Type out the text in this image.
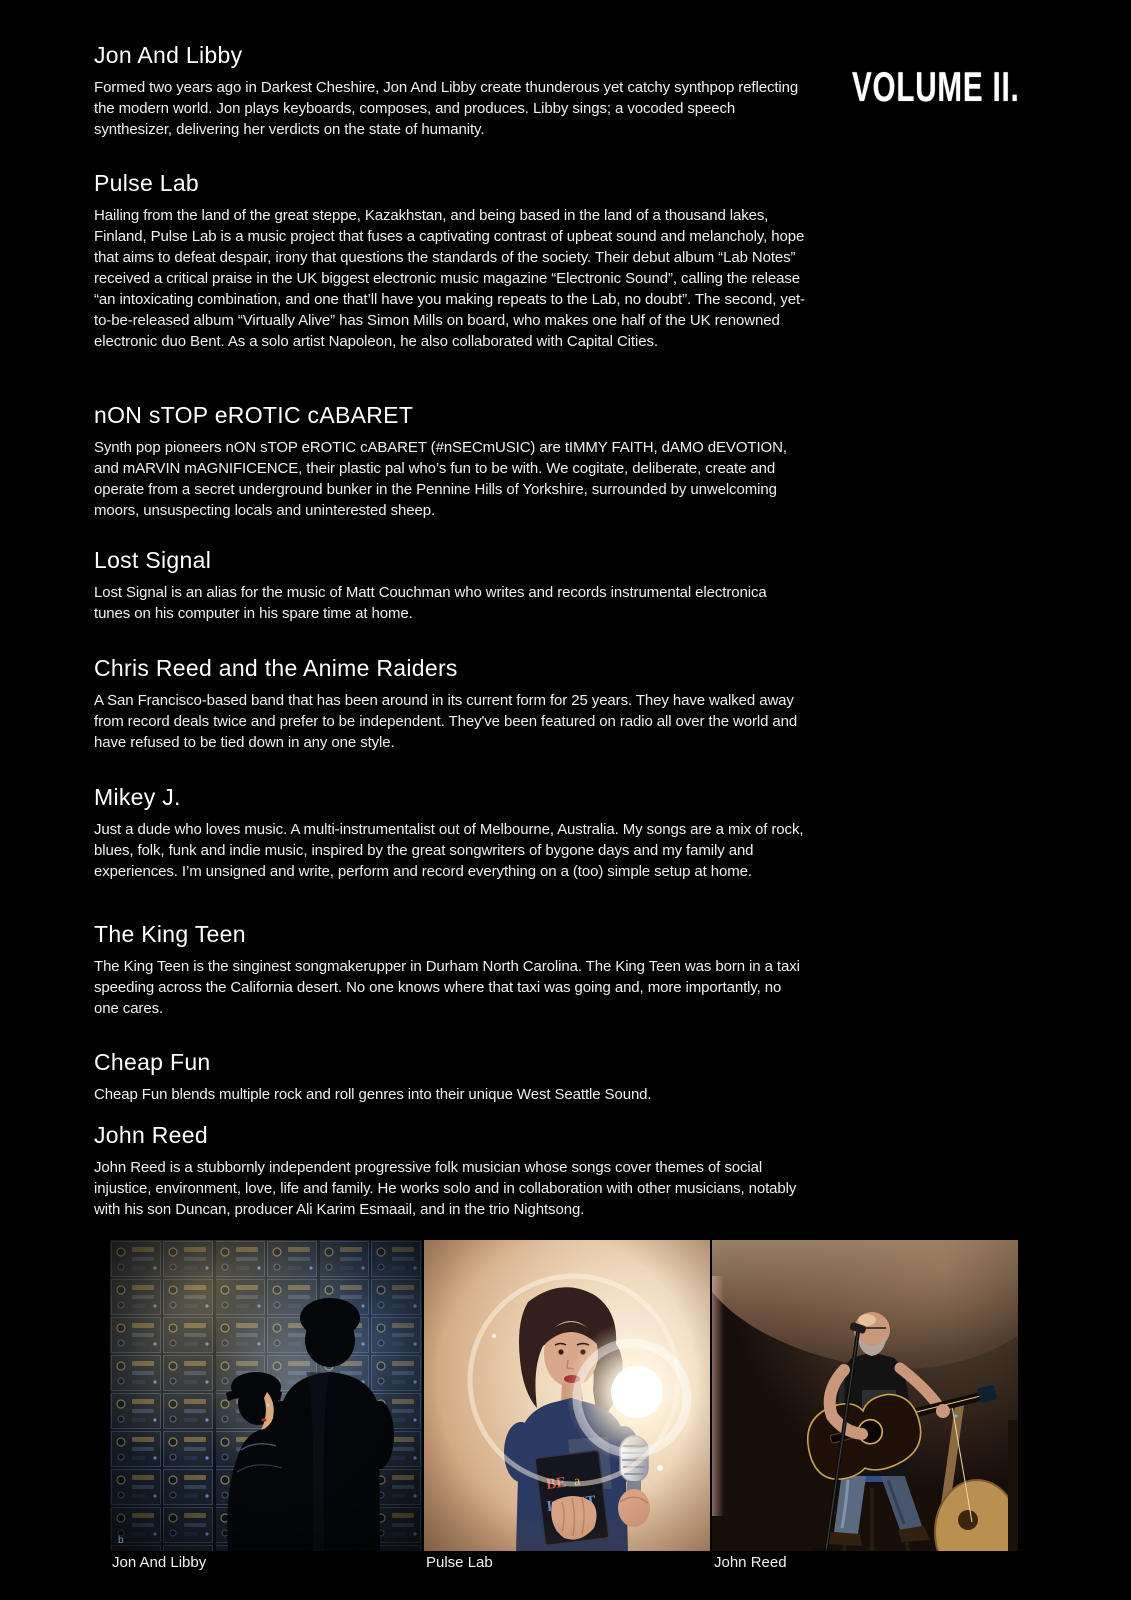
VOLUME II.
Jon And Libby

Formed two years ago in Darkest Cheshire, Jon And Libby create thunderous yet catchy synthpop reflecting the modern world. Jon plays keyboards, composes, and produces. Libby sings; a vocoded speech synthesizer, delivering her verdicts on the state of humanity.

Pulse Lab

Hailing from the land of the great steppe, Kazakhstan, and being based in the land of a thousand lakes, Finland, Pulse Lab is a music project that fuses a captivating contrast of upbeat sound and melancholy, hope that aims to defeat despair, irony that questions the standards of the society. Their debut album “Lab Notes” received a critical praise in the UK biggest electronic music magazine “Electronic Sound”, calling the release “an intoxicating combination, and one that’ll have you making repeats to the Lab, no doubt”. The second, yet-to-be-released album “Virtually Alive” has Simon Mills on board, who makes one half of the UK renowned electronic duo Bent. As a solo artist Napoleon, he also collaborated with Capital Cities.

nON sTOP eROTIC cABARET

Synth pop pioneers nON sTOP eROTIC cABARET (#nSECmUSIC) are tIMMY FAITH, dAMO dEVOTION, and mARVIN mAGNIFICENCE, their plastic pal who’s fun to be with. We cogitate, deliberate, create and operate from a secret underground bunker in the Pennine Hills of Yorkshire, surrounded by unwelcoming moors, unsuspecting locals and uninterested sheep.

Lost Signal

Lost Signal is an alias for the music of Matt Couchman who writes and records instrumental electronica tunes on his computer in his spare time at home.

Chris Reed and the Anime Raiders

A San Francisco-based band that has been around in its current form for 25 years. They have walked away from record deals twice and prefer to be independent. They've been featured on radio all over the world and have refused to be tied down in any one style.

Mikey J.

Just a dude who loves music. A multi-instrumentalist out of Melbourne, Australia. My songs are a mix of rock, blues, folk, funk and indie music, inspired by the great songwriters of bygone days and my family and experiences. I’m unsigned and write, perform and record everything on a (too) simple setup at home.

The King Teen

The King Teen is the singinest songmakerupper in Durham North Carolina. The King Teen was born in a taxi speeding across the California desert. No one knows where that taxi was going and, more importantly, no one cares.

Cheap Fun

Cheap Fun blends multiple rock and roll genres into their unique West Seattle Sound.

John Reed

John Reed is a stubbornly independent progressive folk musician whose songs cover themes of social injustice, environment, love, life and family. He works solo and in collaboration with other musicians, notably with his son Duncan, producer Ali Karim Esmaail, and in the trio Nightsong.

b
Jon And Libby	Pulse Lab	John Reed
